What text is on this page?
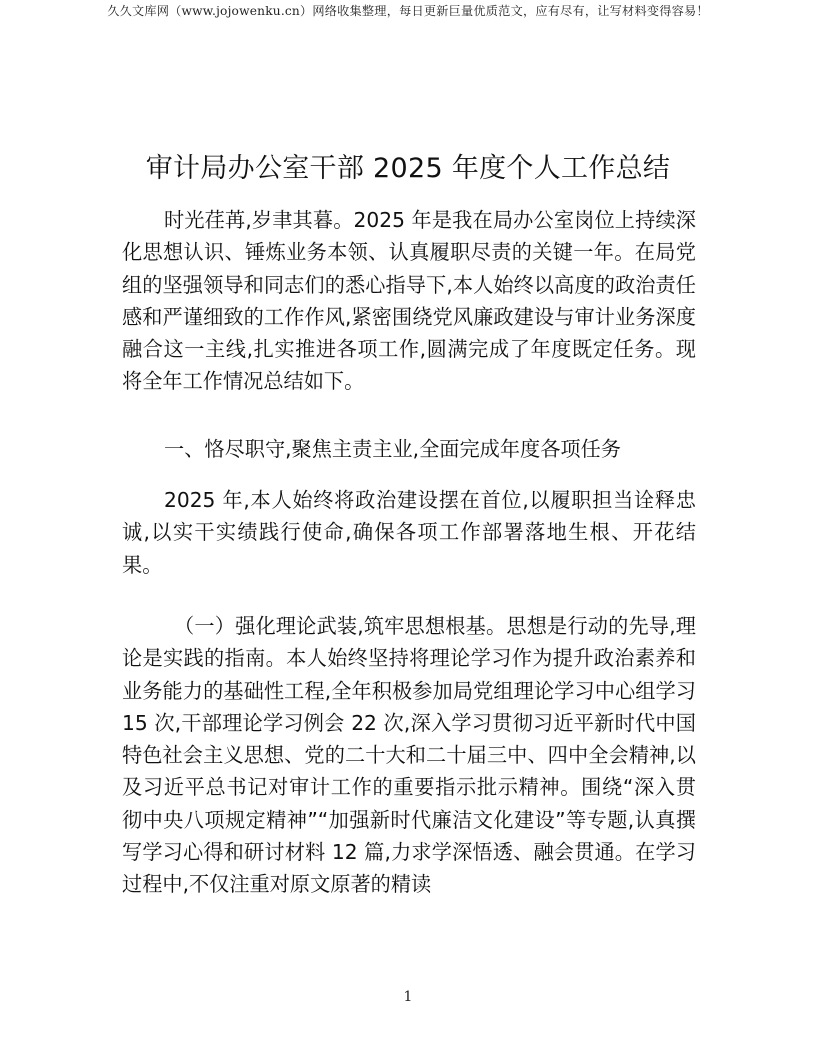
久久文库网（www.jojowenku.cn）网络收集整理，每日更新巨量优质范文，应有尽有，让写材料变得容易！
审计局办公室干部 2025 年度个人工作总结

时光荏苒,岁聿其暮。2025 年是我在局办公室岗位上持续深化思想认识、锤炼业务本领、认真履职尽责的关键一年。在局党组的坚强领导和同志们的悉心指导下,本人始终以高度的政治责任感和严谨细致的工作作风,紧密围绕党风廉政建设与审计业务深度融合这一主线,扎实推进各项工作,圆满完成了年度既定任务。现将全年工作情况总结如下。

一、恪尽职守,聚焦主责主业,全面完成年度各项任务

2025 年,本人始终将政治建设摆在首位,以履职担当诠释忠诚,以实干实绩践行使命,确保各项工作部署落地生根、开花结果。

（一）强化理论武装,筑牢思想根基。思想是行动的先导,理论是实践的指南。本人始终坚持将理论学习作为提升政治素养和业务能力的基础性工程,全年积极参加局党组理论学习中心组学习 15 次,干部理论学习例会 22 次,深入学习贯彻习近平新时代中国特色社会主义思想、党的二十大和二十届三中、四中全会精神,以及习近平总书记对审计工作的重要指示批示精神。围绕“深入贯彻中央八项规定精神”“加强新时代廉洁文化建设”等专题,认真撰写学习心得和研讨材料 12 篇,力求学深悟透、融会贯通。在学习过程中,不仅注重对原文原著的精读

1
